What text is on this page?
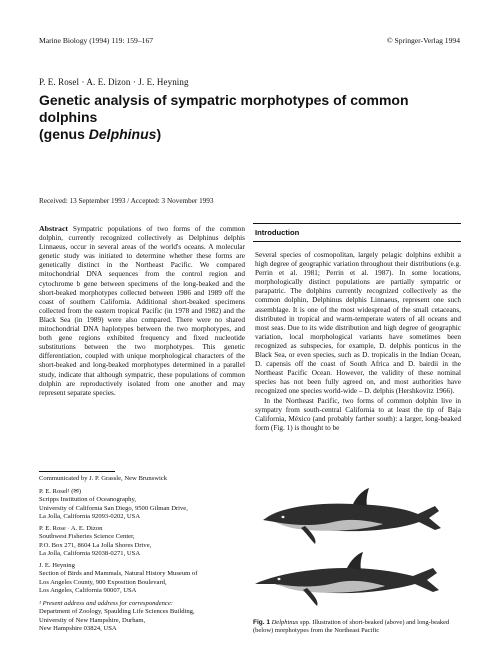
Marine Biology (1994) 119: 159–167	© Springer-Verlag 1994
P. E. Rosel · A. E. Dizon · J. E. Heyning
Genetic analysis of sympatric morphotypes of common dolphins
(genus Delphinus)
Received: 13 September 1993 / Accepted: 3 November 1993
Abstract Sympatric populations of two forms of the common dolphin, currently recognized collectively as Delphinus delphis Linnaeus, occur in several areas of the world's oceans. A molecular genetic study was initiated to determine whether these forms are genetically distinct in the Northeast Pacific. We compared mitochondrial DNA sequences from the control region and cytochrome b gene between specimens of the long-beaked and the short-beaked morphotypes collected between 1986 and 1989 off the coast of southern California. Additional short-beaked specimens collected from the eastern tropical Pacific (in 1978 and 1982) and the Black Sea (in 1989) were also compared. There were no shared mitochondrial DNA haplotypes between the two morphotypes, and both gene regions exhibited frequency and fixed nucleotide substitutions between the two morphotypes. This genetic differentiation, coupled with unique morphological characters of the short-beaked and long-beaked morphotypes determined in a parallel study, indicate that although sympatric, these populations of common dolphin are reproductively isolated from one another and may represent separate species.
Introduction

Several species of cosmopolitan, largely pelagic dolphins exhibit a high degree of geographic variation throughout their distributions (e.g. Perrin et al. 1981; Perrin et al. 1987). In some locations, morphologically distinct populations are partially sympatric or parapatric. The dolphins currently recognized collectively as the common dolphin, Delphinus delphis Linnaeus, represent one such assemblage. It is one of the most widespread of the small cetaceans, distributed in tropical and warm-temperate waters of all oceans and most seas. Due to its wide distribution and high degree of geographic variation, local morphological variants have sometimes been recognized as subspecies, for example, D. delphis ponticus in the Black Sea, or even species, such as D. tropicalis in the Indian Ocean, D. capensis off the coast of South Africa and D. bairdii in the Northeast Pacific Ocean. However, the validity of these nominal species has not been fully agreed on, and most authorities have recognized one species world-wide – D. delphis (Hershkovitz 1966).

In the Northeast Pacific, two forms of common dolphin live in sympatry from south-central California to at least the tip of Baja California, México (and probably farther south): a larger, long-beaked form (Fig. 1) is thought to be

Communicated by J. P. Grassle, New Brunswick
P. E. Rosel¹ (✉)
Scripps Institution of Oceanography,
University of California San Diego, 9500 Gilman Drive,
La Jolla, California 92093-0202, USA
P. E. Rose · A. E. Dizon
Southwest Fisheries Science Center,
P.O. Box 271, 8604 La Jolla Shores Drive,
La Jolla, California 92038-0271, USA
J. E. Heyning
Section of Birds and Mammals, Natural History Museum of
Los Angeles County, 900 Exposition Boulevard,
Los Angeles, California 90007, USA
¹ Present address and address for correspondence:
Department of Zoology, Spaulding Life Sciences Building,
University of New Hampshire, Durham,
New Hampshire 03824, USA
Fig. 1 Delphinus spp. Illustration of short-beaked (above) and long-beaked (below) morphotypes from the Northeast Pacific
